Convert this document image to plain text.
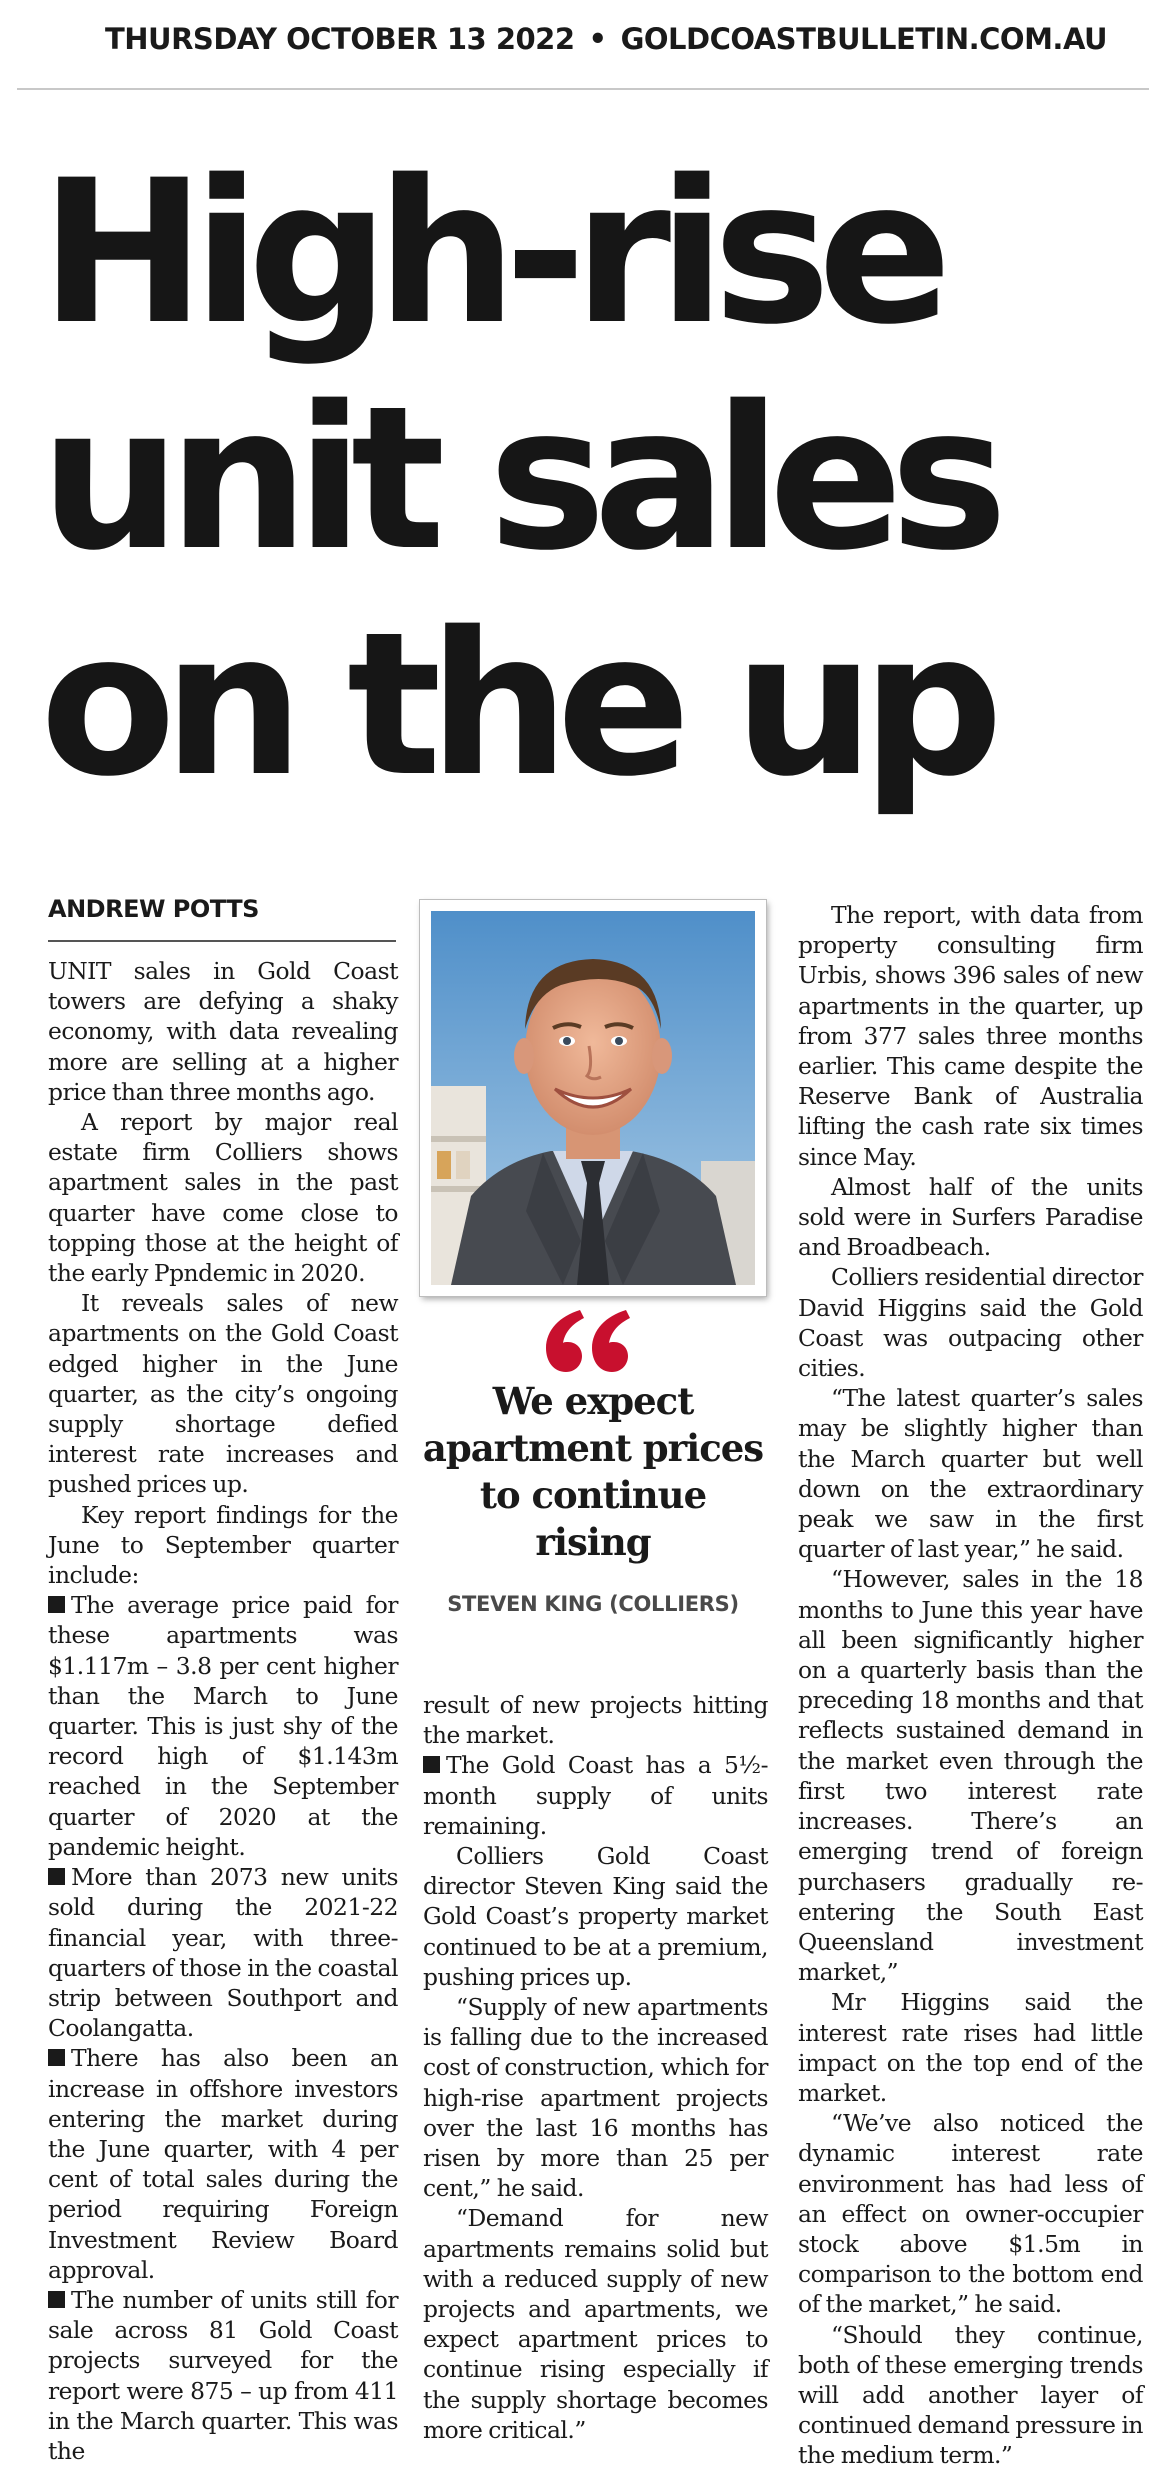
THURSDAY OCTOBER 13 2022 • GOLDCOASTBULLETIN.COM.AU
High-rise
unit sales
on the up
ANDREW POTTS

UNIT sales in Gold Coast towers are defying a shaky economy, with data revealing more are selling at a higher price than three months ago.

A report by major real estate firm Colliers shows apartment sales in the past quarter have come close to topping those at the height of the early Ppndemic in 2020.

It reveals sales of new apartments on the Gold Coast edged higher in the June quarter, as the city’s ongoing supply shortage defied interest rate increases and pushed prices up.

Key report findings for the June to September quarter include:

The average price paid for these apartments was $1.117m – 3.8 per cent higher than the March to June quarter. This is just shy of the record high of $1.143m reached in the September quarter of 2020 at the pandemic height.

More than 2073 new units sold during the 2021-22 financial year, with three-quarters of those in the coastal strip between Southport and Coolangatta.

There has also been an increase in offshore investors entering the market during the June quarter, with 4 per cent of total sales during the period requiring Foreign Investment Review Board approval.

The number of units still for sale across 81 Gold Coast projects surveyed for the report were 875 – up from 411 in the March quarter. This was the

We expect apartment prices to continue rising

STEVEN KING (COLLIERS)

result of new projects hitting the market.

The Gold Coast has a 5½-month supply of units remaining.

Colliers Gold Coast director Steven King said the Gold Coast’s property market continued to be at a premium, pushing prices up.

“Supply of new apartments is falling due to the increased cost of construction, which for high-rise apartment projects over the last 16 months has risen by more than 25 per cent,” he said.

“Demand for new apartments remains solid but with a reduced supply of new projects and apartments, we expect apartment prices to continue rising especially if the supply shortage becomes more critical.”

The report, with data from property consulting firm Urbis, shows 396 sales of new apartments in the quarter, up from 377 sales three months earlier. This came despite the Reserve Bank of Australia lifting the cash rate six times since May.

Almost half of the units sold were in Surfers Paradise and Broadbeach.

Colliers residential director David Higgins said the Gold Coast was outpacing other cities.

“The latest quarter’s sales may be slightly higher than the March quarter but well down on the extraordinary peak we saw in the first quarter of last year,” he said.

“However, sales in the 18 months to June this year have all been significantly higher on a quarterly basis than the preceding 18 months and that reflects sustained demand in the market even through the first two interest rate increases. There’s an emerging trend of foreign purchasers gradually re-entering the South East Queensland investment market,”

Mr Higgins said the interest rate rises had little impact on the top end of the market.

“We’ve also noticed the dynamic interest rate environment has had less of an effect on owner-occupier stock above $1.5m in comparison to the bottom end of the market,” he said.

“Should they continue, both of these emerging trends will add another layer of continued demand pressure in the medium term.”
